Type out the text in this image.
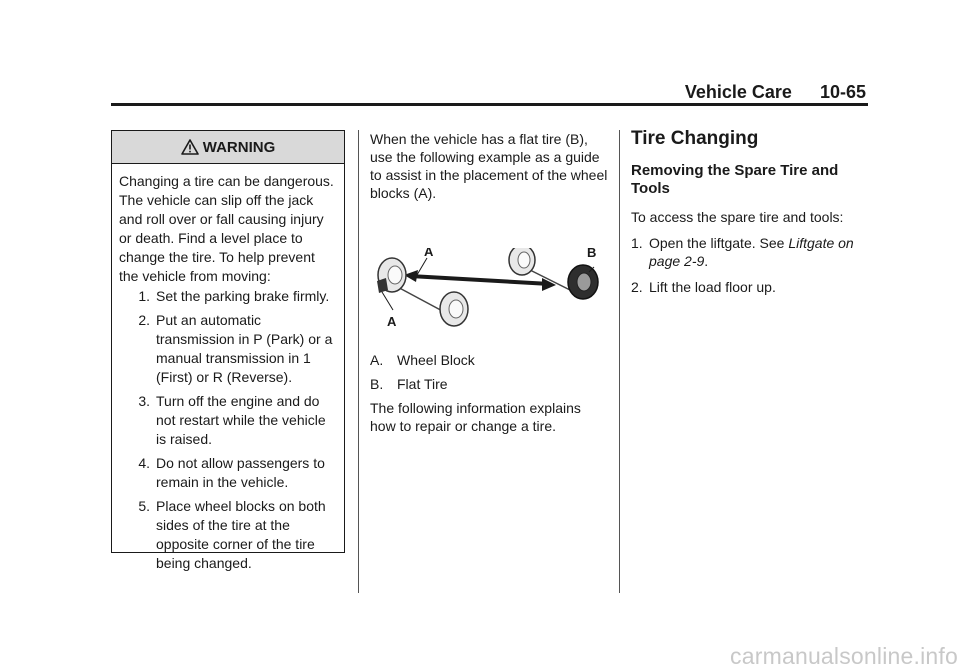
Vehicle Care 10-65
WARNING

Changing a tire can be dangerous. The vehicle can slip off the jack and roll over or fall causing injury or death. Find a level place to change the tire. To help prevent the vehicle from moving:

1. Set the parking brake firmly.
2. Put an automatic transmission in P (Park) or a manual transmission in 1 (First) or R (Reverse).
3. Turn off the engine and do not restart while the vehicle is raised.
4. Do not allow passengers to remain in the vehicle.
5. Place wheel blocks on both sides of the tire at the opposite corner of the tire being changed.

When the vehicle has a flat tire (B), use the following example as a guide to assist in the placement of the wheel blocks (A).

A
A
B
A. Wheel Block
B. Flat Tire

The following information explains how to repair or change a tire.

Tire Changing
Removing the Spare Tire and Tools

To access the spare tire and tools:

1. Open the liftgate. See Liftgate on page 2-9.
2. Lift the load floor up.
carmanualsonline.info
